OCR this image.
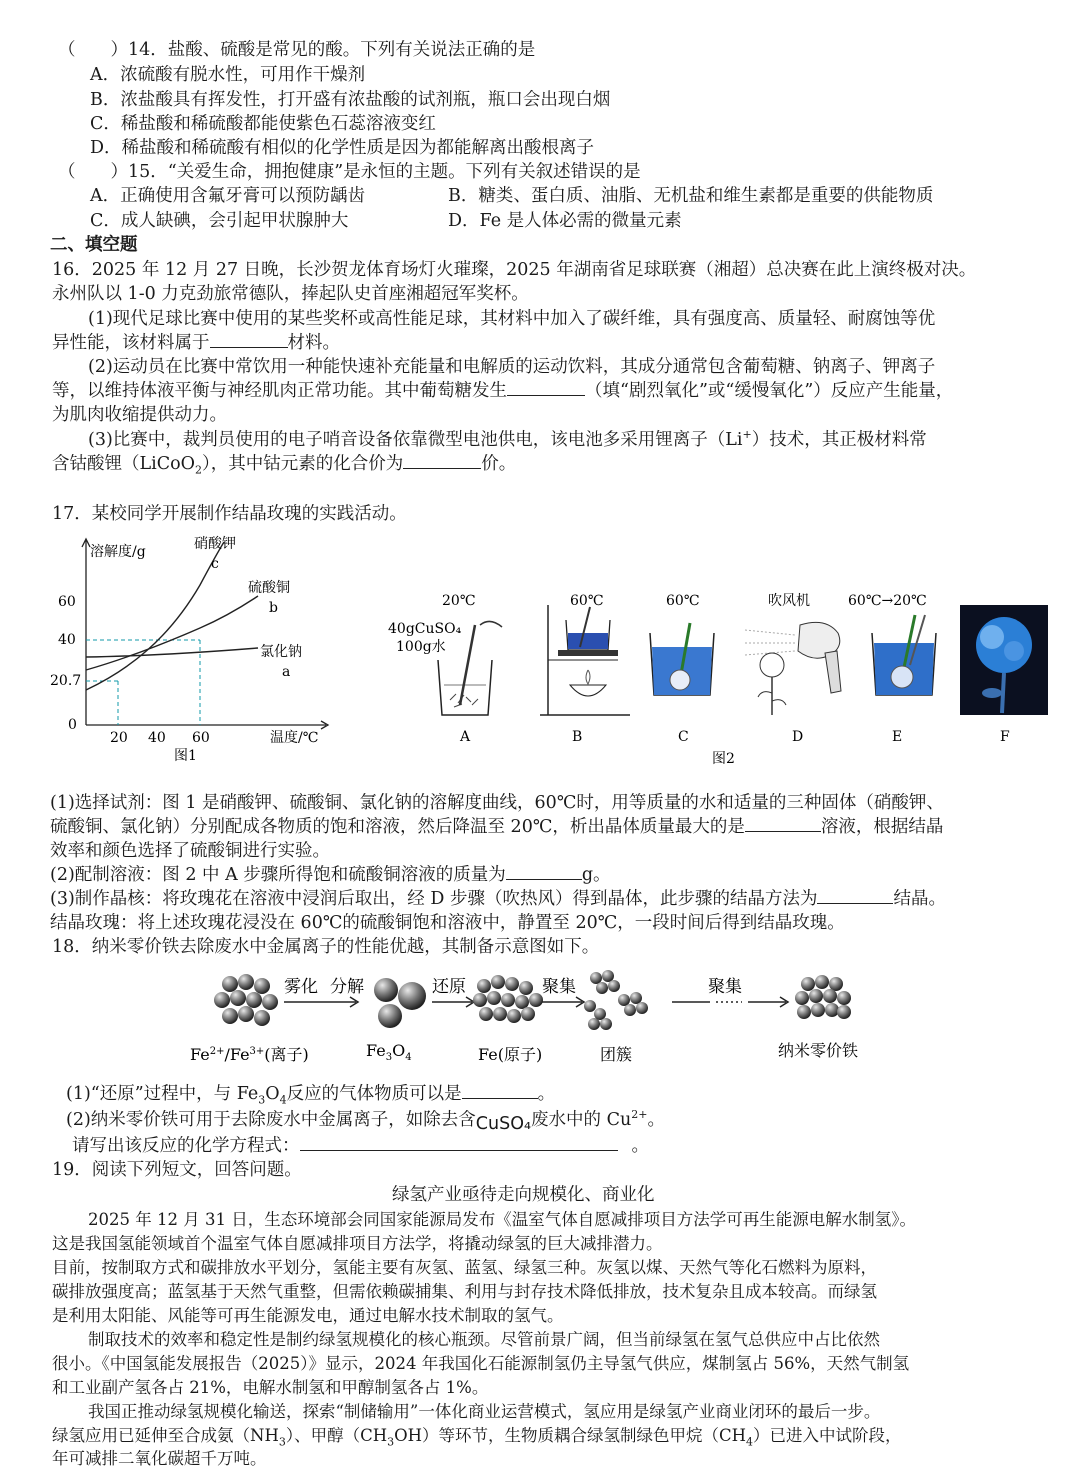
（　　）14．盐酸、硫酸是常见的酸。下列有关说法正确的是
A．浓硫酸有脱水性，可用作干燥剂
B．浓盐酸具有挥发性，打开盛有浓盐酸的试剂瓶，瓶口会出现白烟
C．稀盐酸和稀硫酸都能使紫色石蕊溶液变红
D．稀盐酸和稀硫酸有相似的化学性质是因为都能解离出酸根离子
（　　）15．“关爱生命，拥抱健康”是永恒的主题。下列有关叙述错误的是
A．正确使用含氟牙膏可以预防龋齿	B．糖类、蛋白质、油脂、无机盐和维生素都是重要的供能物质
C．成人缺碘，会引起甲状腺肿大	D．Fe 是人体必需的微量元素
二、填空题
16．2025 年 12 月 27 日晚，长沙贺龙体育场灯火璀璨，2025 年湖南省足球联赛（湘超）总决赛在此上演终极对决。
永州队以 1-0 力克劲旅常德队，捧起队史首座湘超冠军奖杯。
(1)现代足球比赛中使用的某些奖杯或高性能足球，其材料中加入了碳纤维，具有强度高、质量轻、耐腐蚀等优
异性能，该材料属于	材料。
(2)运动员在比赛中常饮用一种能快速补充能量和电解质的运动饮料，其成分通常包含葡萄糖、钠离子、钾离子
等，以维持体液平衡与神经肌肉正常功能。其中葡萄糖发生	（填“剧烈氧化”或“缓慢氧化”）反应产生能量，
为肌肉收缩提供动力。
(3)比赛中，裁判员使用的电子哨音设备依靠微型电池供电，该电池多采用锂离子（Li+）技术，其正极材料常
含钴酸锂（LiCoO$_2$），其中钴元素的化合价为	价。
17．某校同学开展制作结晶玫瑰的实践活动。
溶解度/g
60
40
20.7
0
20 40 60	温度/℃
图1
硝酸钾
c
硫酸铜
b
氯化钠
a
20℃
40gCuSO₄
100g水
60℃	60℃	吹风机	60℃→20℃
A	B	C	D	E	F
图2
(1)选择试剂：图 1 是硝酸钾、硫酸铜、氯化钠的溶解度曲线，60℃时，用等质量的水和适量的三种固体（硝酸钾、
硫酸铜、氯化钠）分别配成各物质的饱和溶液，然后降温至 20℃，析出晶体质量最大的是	溶液，根据结晶
效率和颜色选择了硫酸铜进行实验。
(2)配制溶液：图 2 中 A 步骤所得饱和硫酸铜溶液的质量为	g。
(3)制作晶核：将玫瑰花在溶液中浸润后取出，经 D 步骤（吹热风）得到晶体，此步骤的结晶方法为	结晶。
结晶玫瑰：将上述玫瑰花浸没在 60℃的硫酸铜饱和溶液中，静置至 20℃，一段时间后得到结晶玫瑰。
18．纳米零价铁去除废水中金属离子的性能优越，其制备示意图如下。
雾化 分解	还原	聚集	聚集
$Fe^{2+}/Fe^{3+}$(离子)	$Fe_3O_4$	Fe(原子)	团簇	纳米零价铁
(1)“还原”过程中，与 $Fe_3O_4$反应的气体物质可以是	。
(2)纳米零价铁可用于去除废水中金属离子，如除去含CuSO₄废水中的 $Cu^{2+}$。
请写出该反应的化学方程式：	。
19．阅读下列短文，回答问题。
绿氢产业亟待走向规模化、商业化
2025 年 12 月 31 日，生态环境部会同国家能源局发布《温室气体自愿减排项目方法学可再生能源电解水制氢》。
这是我国氢能领域首个温室气体自愿减排项目方法学，将撬动绿氢的巨大减排潜力。
目前，按制取方式和碳排放水平划分，氢能主要有灰氢、蓝氢、绿氢三种。灰氢以煤、天然气等化石燃料为原料，
碳排放强度高；蓝氢基于天然气重整，但需依赖碳捕集、利用与封存技术降低排放，技术复杂且成本较高。而绿氢
是利用太阳能、风能等可再生能源发电，通过电解水技术制取的氢气。
制取技术的效率和稳定性是制约绿氢规模化的核心瓶颈。尽管前景广阔，但当前绿氢在氢气总供应中占比依然
很小。《中国氢能发展报告（2025）》显示，2024 年我国化石能源制氢仍主导氢气供应，煤制氢占 56%，天然气制氢
和工业副产氢各占 21%，电解水制氢和甲醇制氢各占 1%。
我国正推动绿氢规模化输送，探索“制储输用”一体化商业运营模式，氢应用是绿氢产业商业闭环的最后一步。
绿氢应用已延伸至合成氨$(NH_3)$、甲醇$(CH_3OH)$等环节，生物质耦合绿氢制绿色甲烷$(CH_4)$已进入中试阶段，
年可减排二氧化碳超千万吨。
